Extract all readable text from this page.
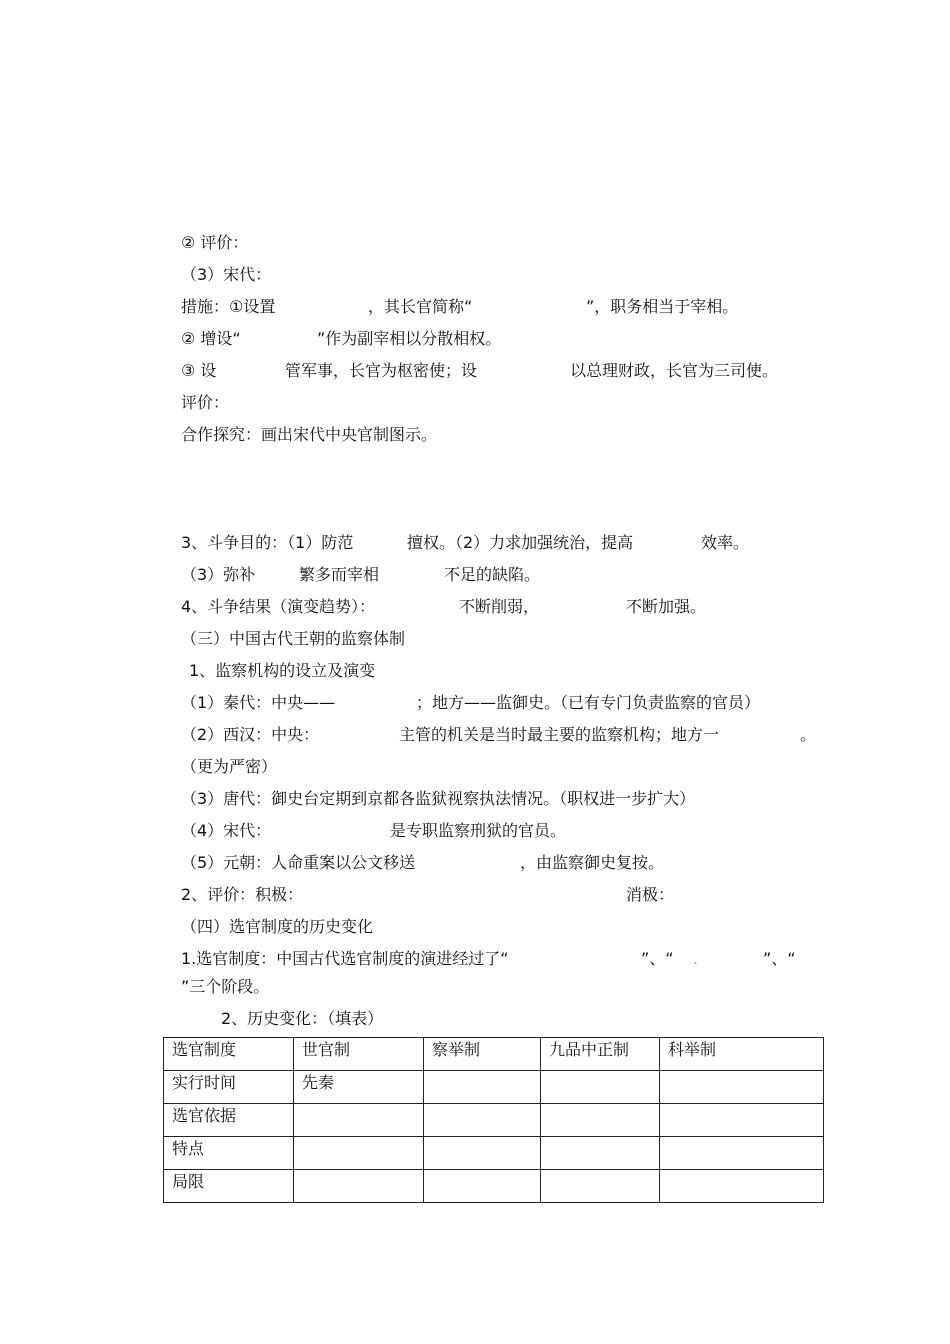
② 评价：
（3）宋代：
措施：①设置	，其长官简称“	”，职务相当于宰相。
② 增设“	”作为副宰相以分散相权。
③ 设	管军事，长官为枢密使；设	以总理财政，长官为三司使。
评价：
合作探究：画出宋代中央官制图示。
3、斗争目的：（1）防范	擅权。（2）力求加强统治，提高	效率。
（3）弥补	繁多而宰相	不足的缺陷。
4、斗争结果（演变趋势）：	不断削弱，	不断加强。
（三）中国古代王朝的监察体制
1、监察机构的设立及演变
（1）秦代：中央——	；地方——监御史。（已有专门负责监察的官员）
（2）西汉：中央：	主管的机关是当时最主要的监察机构；地方一	。
（更为严密）
（3）唐代：御史台定期到京都各监狱视察执法情况。（职权进一步扩大）
（4）宋代：	是专职监察刑狱的官员。
（5）元朝：人命重案以公文移送	，由监察御史复按。
2、评价：积极：	消极：
（四）选官制度的历史变化
1.选官制度：中国古代选官制度的演进经过了“	”、“ .	”、“
”三个阶段。
2、历史变化：（填表）
选官制度	世官制	察举制	九品中正制	科举制
实行时间	先秦			
选官依据				
特点				
局限				
